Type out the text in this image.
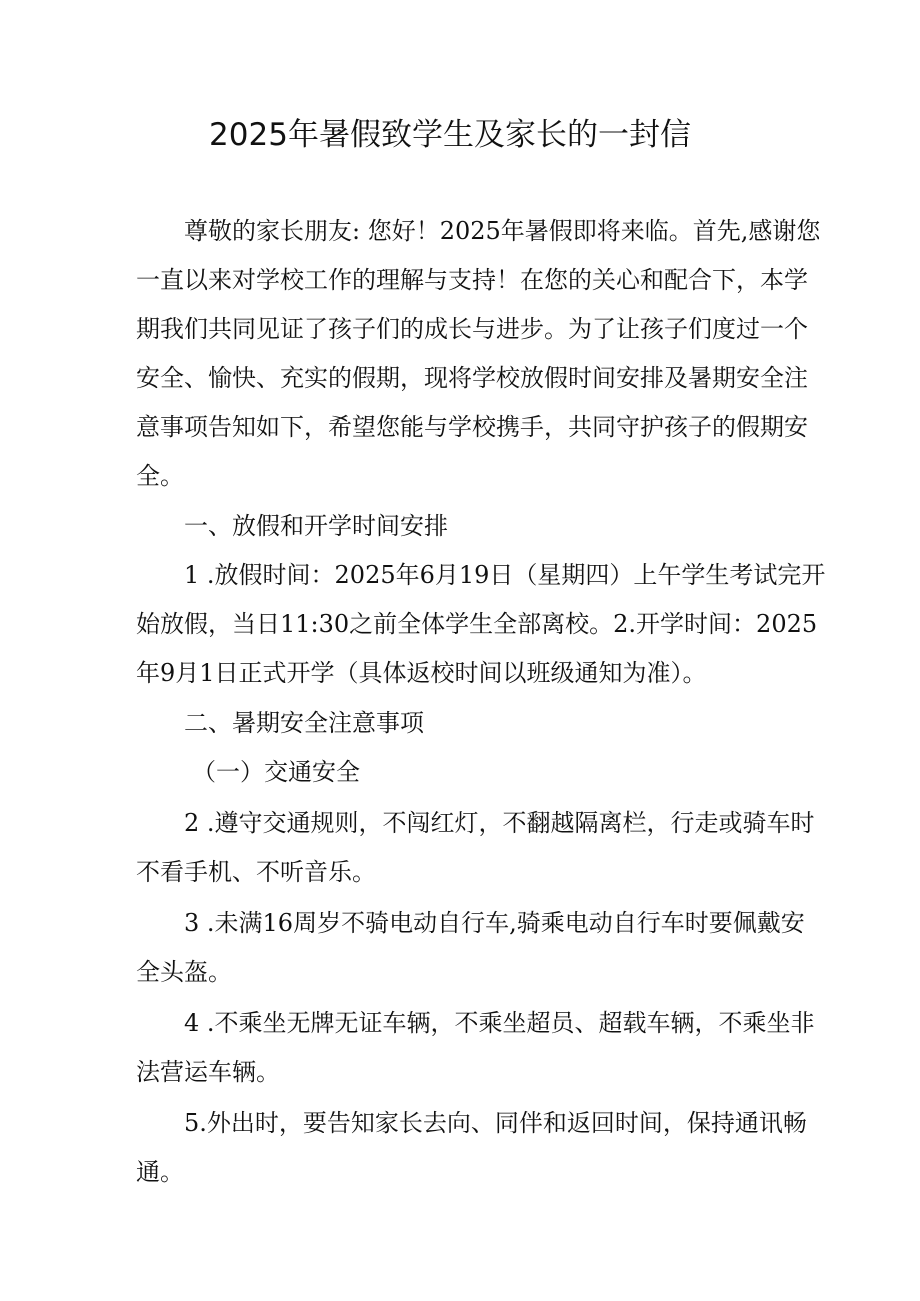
2025年暑假致学生及家长的一封信

尊敬的家长朋友: 您好！2025年暑假即将来临。首先,感谢您
一直以来对学校工作的理解与支持！在您的关心和配合下，本学
期我们共同见证了孩子们的成长与进步。为了让孩子们度过一个
安全、愉快、充实的假期，现将学校放假时间安排及暑期安全注
意事项告知如下，希望您能与学校携手，共同守护孩子的假期安
全。

一、放假和开学时间安排

1 .放假时间：2025年6月19日（星期四）上午学生考试完开
始放假，当日11:30之前全体学生全部离校。2.开学时间：2025
年9月1日正式开学（具体返校时间以班级通知为准）。

二、暑期安全注意事项

（一）交通安全

2 .遵守交通规则，不闯红灯，不翻越隔离栏，行走或骑车时
不看手机、不听音乐。

3 .未满16周岁不骑电动自行车,骑乘电动自行车时要佩戴安
全头盔。

4 .不乘坐无牌无证车辆，不乘坐超员、超载车辆，不乘坐非
法营运车辆。

5.外出时，要告知家长去向、同伴和返回时间，保持通讯畅
通。
